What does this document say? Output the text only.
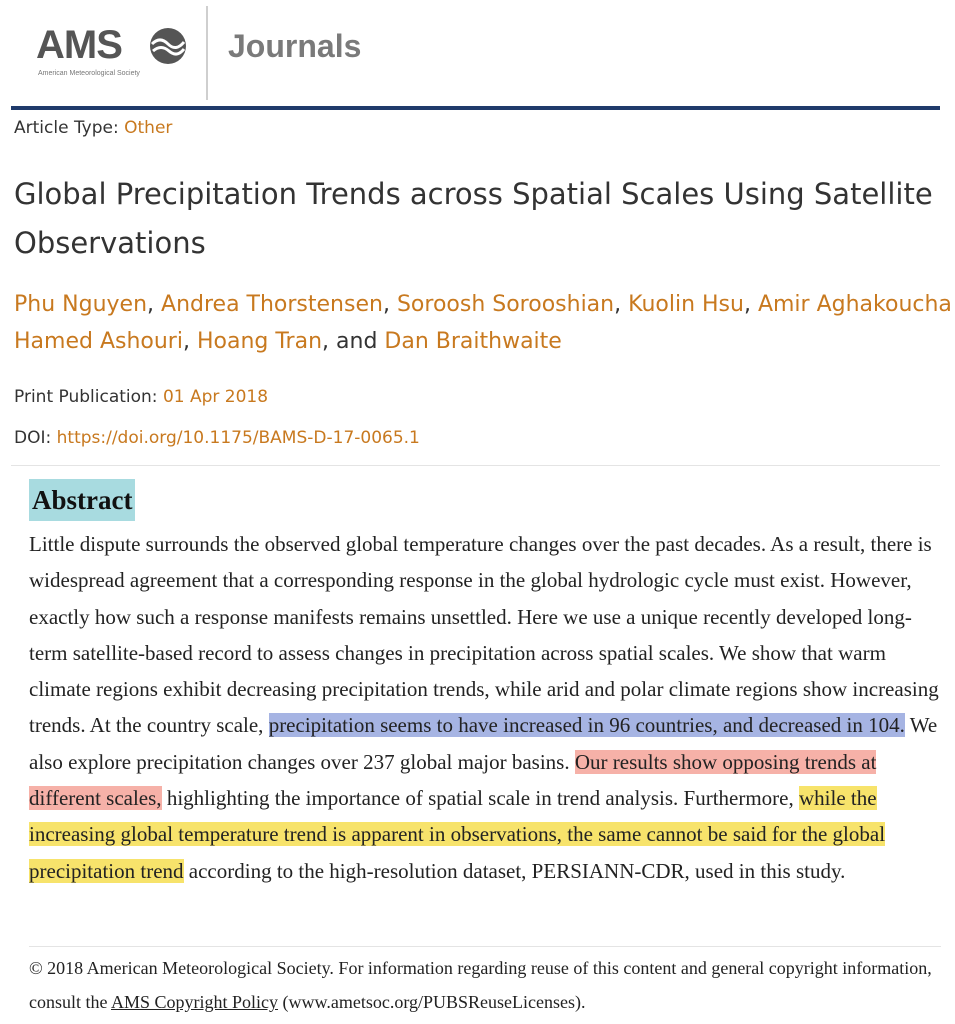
AMS
American Meteorological Society
Journals
Article Type: Other
Global Precipitation Trends across Spatial Scales Using Satellite Observations
Phu Nguyen, Andrea Thorstensen, Soroosh Sorooshian, Kuolin Hsu, Amir Aghakoucha
Hamed Ashouri, Hoang Tran, and Dan Braithwaite
Print Publication: 01 Apr 2018
DOI: https://doi.org/10.1175/BAMS-D-17-0065.1
Abstract
Little dispute surrounds the observed global temperature changes over the past decades. As a result, there is widespread agreement that a corresponding response in the global hydrologic cycle must exist. However, exactly how such a response manifests remains unsettled. Here we use a unique recently developed long-term satellite-based record to assess changes in precipitation across spatial scales. We show that warm climate regions exhibit decreasing precipitation trends, while arid and polar climate regions show increasing trends. At the country scale, precipitation seems to have increased in 96 countries, and decreased in 104. We also explore precipitation changes over 237 global major basins. Our results show opposing trends at different scales, highlighting the importance of spatial scale in trend analysis. Furthermore, while the increasing global temperature trend is apparent in observations, the same cannot be said for the global precipitation trend according to the high-resolution dataset, PERSIANN-CDR, used in this study.
© 2018 American Meteorological Society. For information regarding reuse of this content and general copyright information, consult the AMS Copyright Policy (www.ametsoc.org/PUBSReuseLicenses).
